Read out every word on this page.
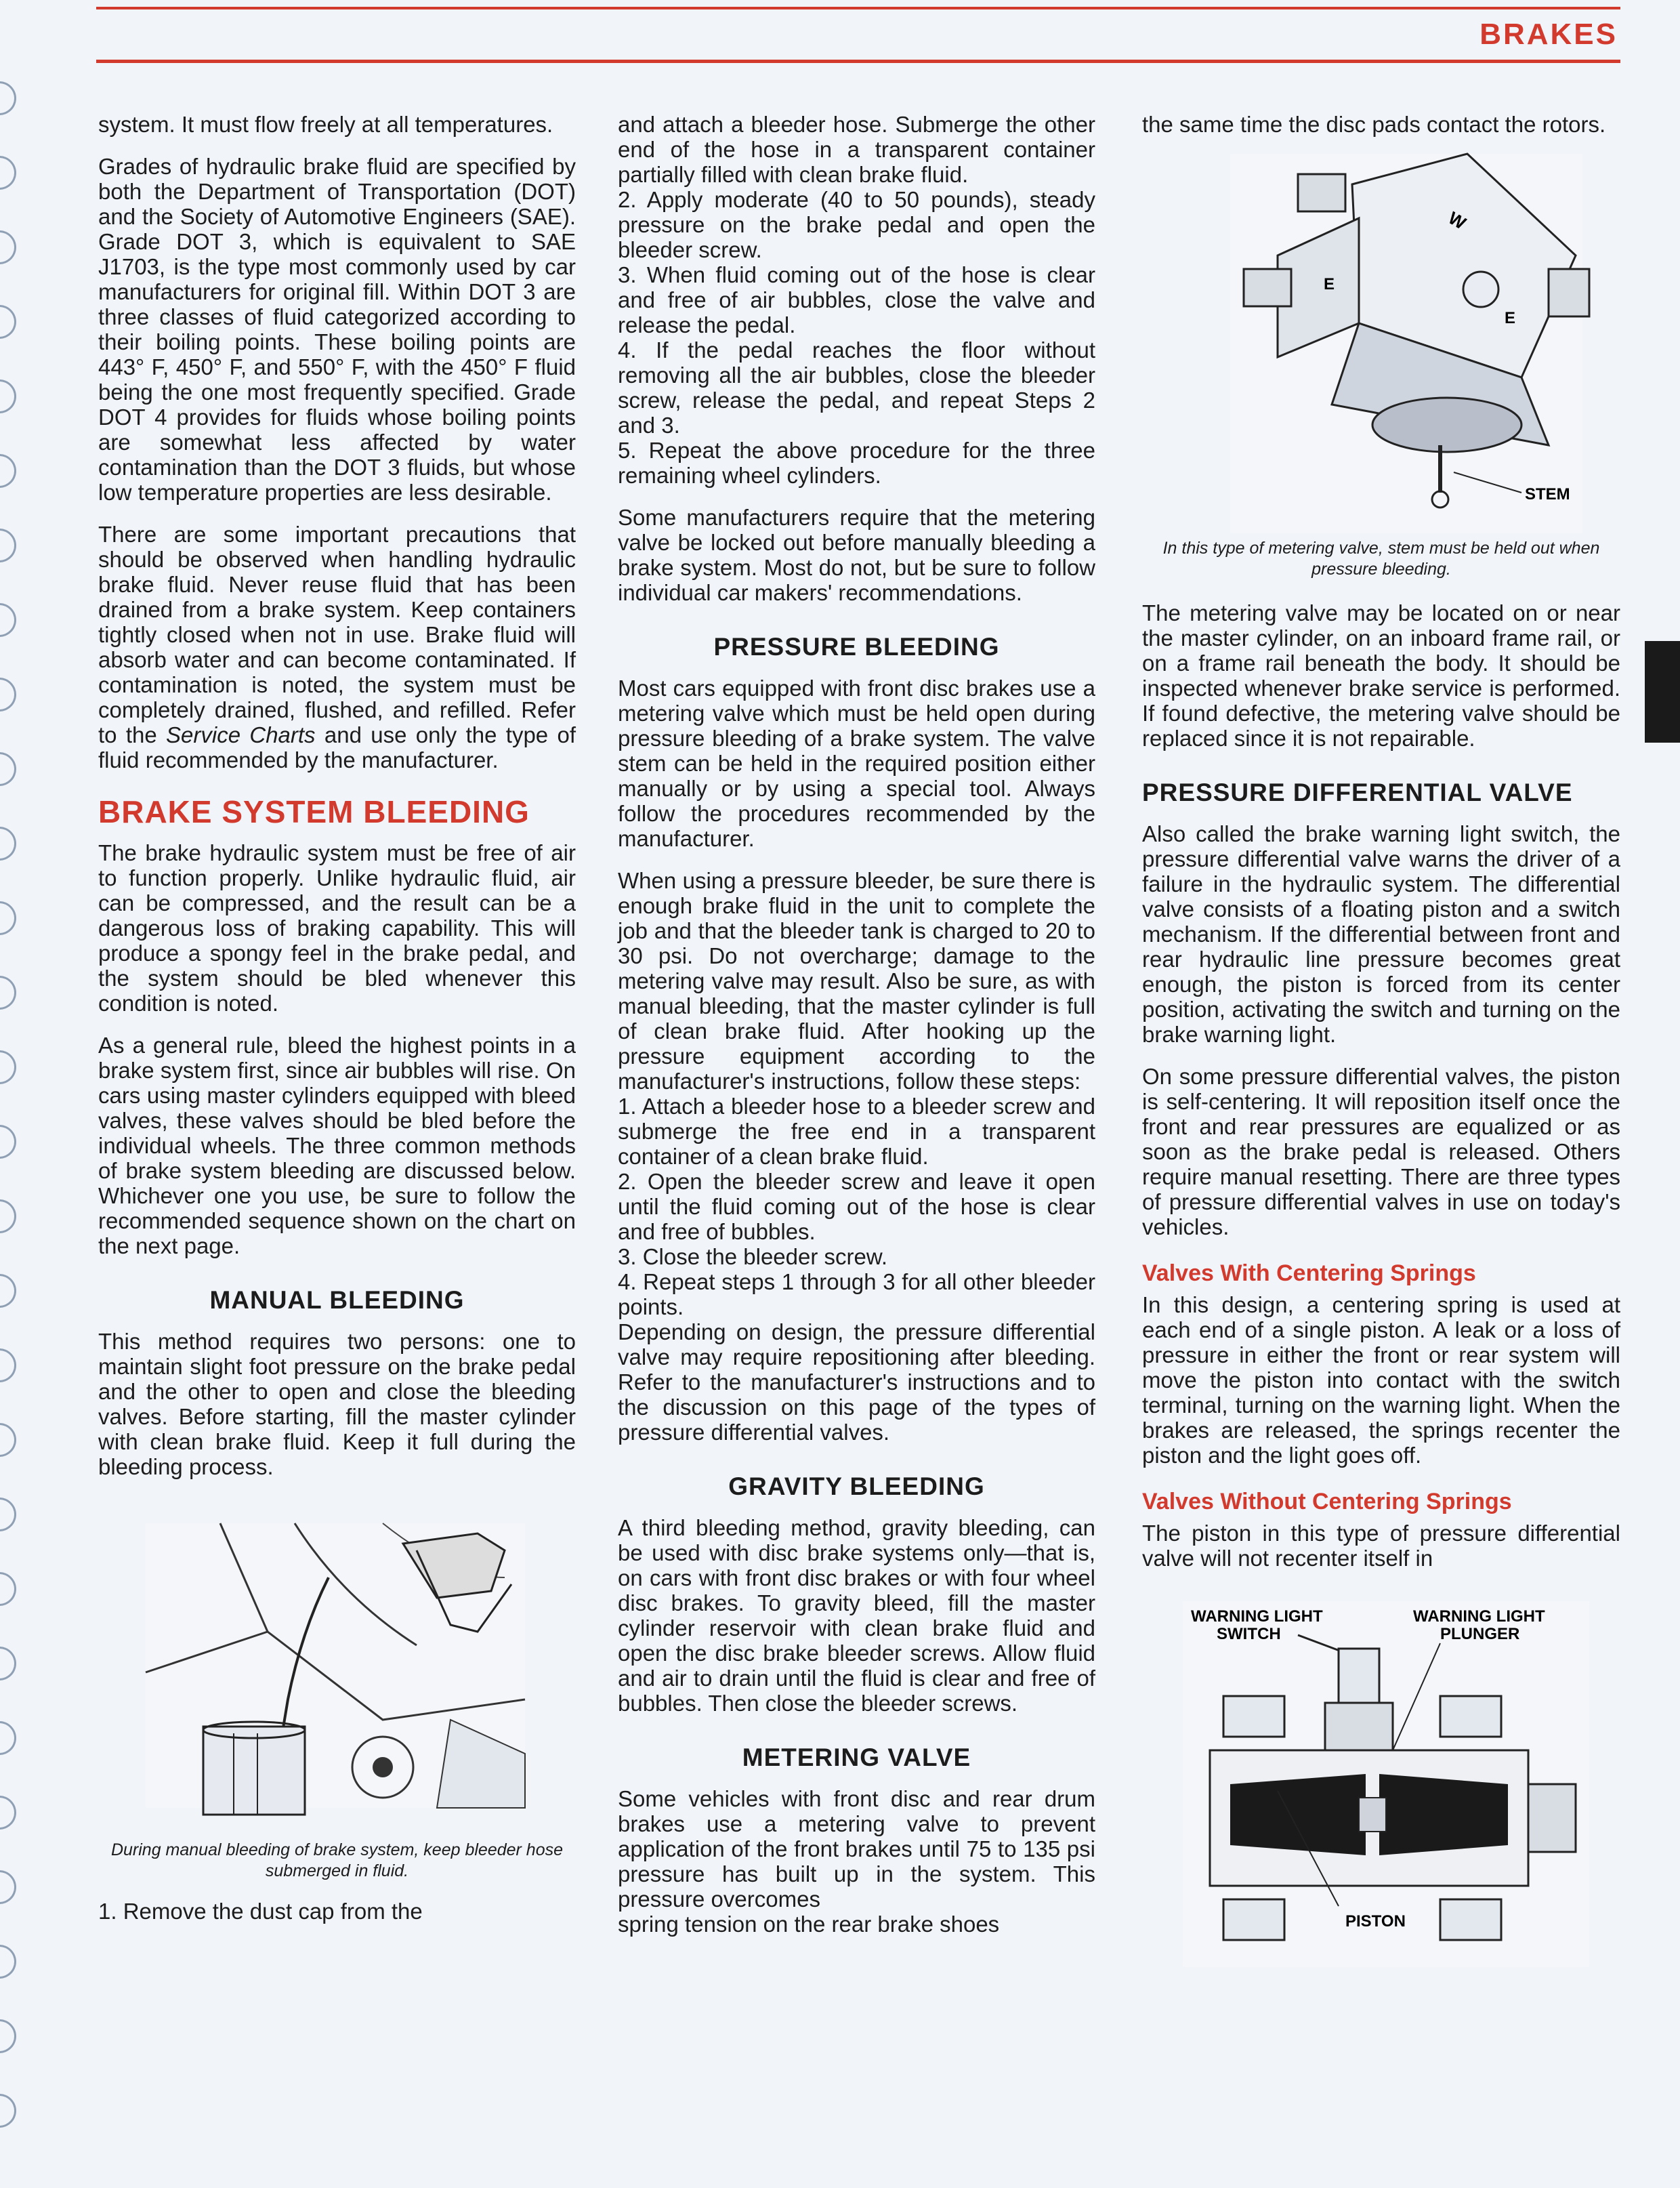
BRAKES

system. It must flow freely at all temperatures.

Grades of hydraulic brake fluid are specified by both the Department of Transportation (DOT) and the Society of Automotive Engineers (SAE). Grade DOT 3, which is equivalent to SAE J1703, is the type most commonly used by car manufacturers for original fill. Within DOT 3 are three classes of fluid categorized according to their boiling points. These boiling points are 443° F, 450° F, and 550° F, with the 450° F fluid being the one most frequently specified. Grade DOT 4 provides for fluids whose boiling points are somewhat less affected by water contamination than the DOT 3 fluids, but whose low temperature properties are less desirable.

There are some important precautions that should be observed when handling hydraulic brake fluid. Never reuse fluid that has been drained from a brake system. Keep containers tightly closed when not in use. Brake fluid will absorb water and can become contaminated. If contamination is noted, the system must be completely drained, flushed, and refilled. Refer to the Service Charts and use only the type of fluid recommended by the manufacturer.

BRAKE SYSTEM BLEEDING

The brake hydraulic system must be free of air to function properly. Unlike hydraulic fluid, air can be compressed, and the result can be a dangerous loss of braking capability. This will produce a spongy feel in the brake pedal, and the system should be bled whenever this condition is noted.

As a general rule, bleed the highest points in a brake system first, since air bubbles will rise. On cars using master cylinders equipped with bleed valves, these valves should be bled before the individual wheels. The three common methods of brake system bleeding are discussed below. Whichever one you use, be sure to follow the recommended sequence shown on the chart on the next page.

MANUAL BLEEDING

This method requires two persons: one to maintain slight foot pressure on the brake pedal and the other to open and close the bleeding valves. Before starting, fill the master cylinder with clean brake fluid. Keep it full during the bleeding process.

During manual bleeding of brake system, keep bleeder hose submerged in fluid.

1. Remove the dust cap from the

and attach a bleeder hose. Submerge the other end of the hose in a transparent container partially filled with clean brake fluid.

2. Apply moderate (40 to 50 pounds), steady pressure on the brake pedal and open the bleeder screw.

3. When fluid coming out of the hose is clear and free of air bubbles, close the valve and release the pedal.

4. If the pedal reaches the floor without removing all the air bubbles, close the bleeder screw, release the pedal, and repeat Steps 2 and 3.

5. Repeat the above procedure for the three remaining wheel cylinders.

Some manufacturers require that the metering valve be locked out before manually bleeding a brake system. Most do not, but be sure to follow individual car makers' recommendations.

PRESSURE BLEEDING

Most cars equipped with front disc brakes use a metering valve which must be held open during pressure bleeding of a brake system. The valve stem can be held in the required position either manually or by using a special tool. Always follow the procedures recommended by the manufacturer.

When using a pressure bleeder, be sure there is enough brake fluid in the unit to complete the job and that the bleeder tank is charged to 20 to 30 psi. Do not overcharge; damage to the metering valve may result. Also be sure, as with manual bleeding, that the master cylinder is full of clean brake fluid. After hooking up the pressure equipment according to the manufacturer's instructions, follow these steps:

1. Attach a bleeder hose to a bleeder screw and submerge the free end in a transparent container of a clean brake fluid.

2. Open the bleeder screw and leave it open until the fluid coming out of the hose is clear and free of bubbles.

3. Close the bleeder screw.

4. Repeat steps 1 through 3 for all other bleeder points.

Depending on design, the pressure differential valve may require repositioning after bleeding. Refer to the manufacturer's instructions and to the discussion on this page of the types of pressure differential valves.

GRAVITY BLEEDING

A third bleeding method, gravity bleeding, can be used with disc brake systems only—that is, on cars with front disc brakes or with four wheel disc brakes. To gravity bleed, fill the master cylinder reservoir with clean brake fluid and open the disc brake bleeder screws. Allow fluid and air to drain until the fluid is clear and free of bubbles. Then close the bleeder screws.

METERING VALVE

Some vehicles with front disc and rear drum brakes use a metering valve to prevent application of the front brakes until 75 to 135 psi pressure has built up in the system. This pressure overcomes

spring tension on the rear brake shoes

the same time the disc pads contact the rotors.

W
E
E
STEM

In this type of metering valve, stem must be held out when pressure bleeding.

The metering valve may be located on or near the master cylinder, on an inboard frame rail, or on a frame rail beneath the body. It should be inspected whenever brake service is performed. If found defective, the metering valve should be replaced since it is not repairable.

PRESSURE DIFFERENTIAL VALVE

Also called the brake warning light switch, the pressure differential valve warns the driver of a failure in the hydraulic system. The differential valve consists of a floating piston and a switch mechanism. If the differential between front and rear hydraulic line pressure becomes great enough, the piston is forced from its center position, activating the switch and turning on the brake warning light.

On some pressure differential valves, the piston is self-centering. It will reposition itself once the front and rear pressures are equalized or as soon as the brake pedal is released. Others require manual resetting. There are three types of pressure differential valves in use on today's vehicles.

Valves With Centering Springs

In this design, a centering spring is used at each end of a single piston. A leak or a loss of pressure in either the front or rear system will move the piston into contact with the switch terminal, turning on the warning light. When the brakes are released, the springs recenter the piston and the light goes off.

Valves Without Centering Springs

The piston in this type of pressure differential valve will not recenter itself in

WARNING LIGHT
SWITCH
WARNING LIGHT
PLUNGER
PISTON
